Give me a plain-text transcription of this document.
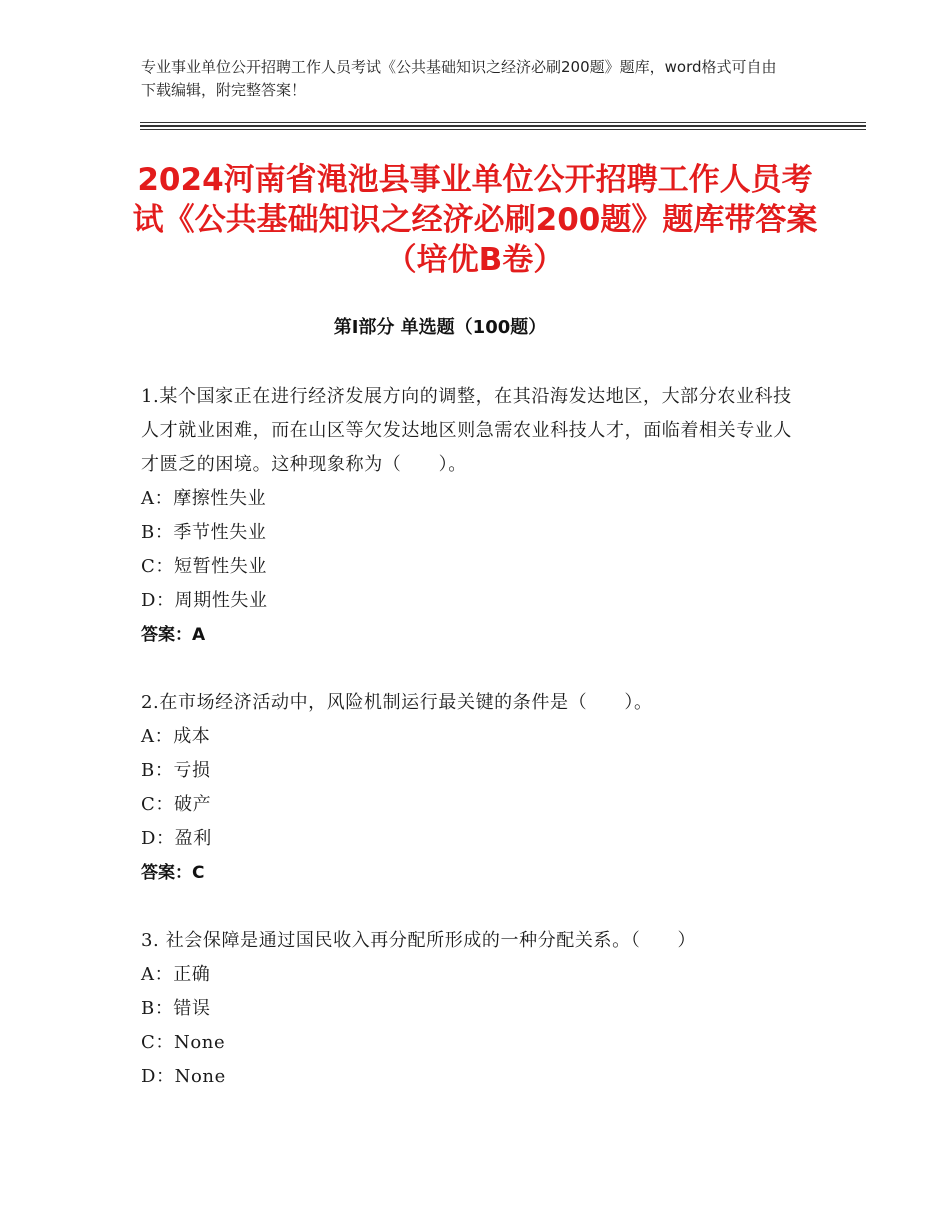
专业事业单位公开招聘工作人员考试《公共基础知识之经济必刷200题》题库，word格式可自由下载编辑，附完整答案！
2024河南省渑池县事业单位公开招聘工作人员考试《公共基础知识之经济必刷200题》题库带答案（培优B卷）
第Ⅰ部分 单选题（100题）
1.某个国家正在进行经济发展方向的调整，在其沿海发达地区，大部分农业科技人才就业困难，而在山区等欠发达地区则急需农业科技人才，面临着相关专业人才匮乏的困境。这种现象称为（　　）。
A：摩擦性失业
B：季节性失业
C：短暂性失业
D：周期性失业
答案：A
2.在市场经济活动中，风险机制运行最关键的条件是（　　）。
A：成本
B：亏损
C：破产
D：盈利
答案：C
3. 社会保障是通过国民收入再分配所形成的一种分配关系。（　　）
A：正确
B：错误
C：None
D：None
